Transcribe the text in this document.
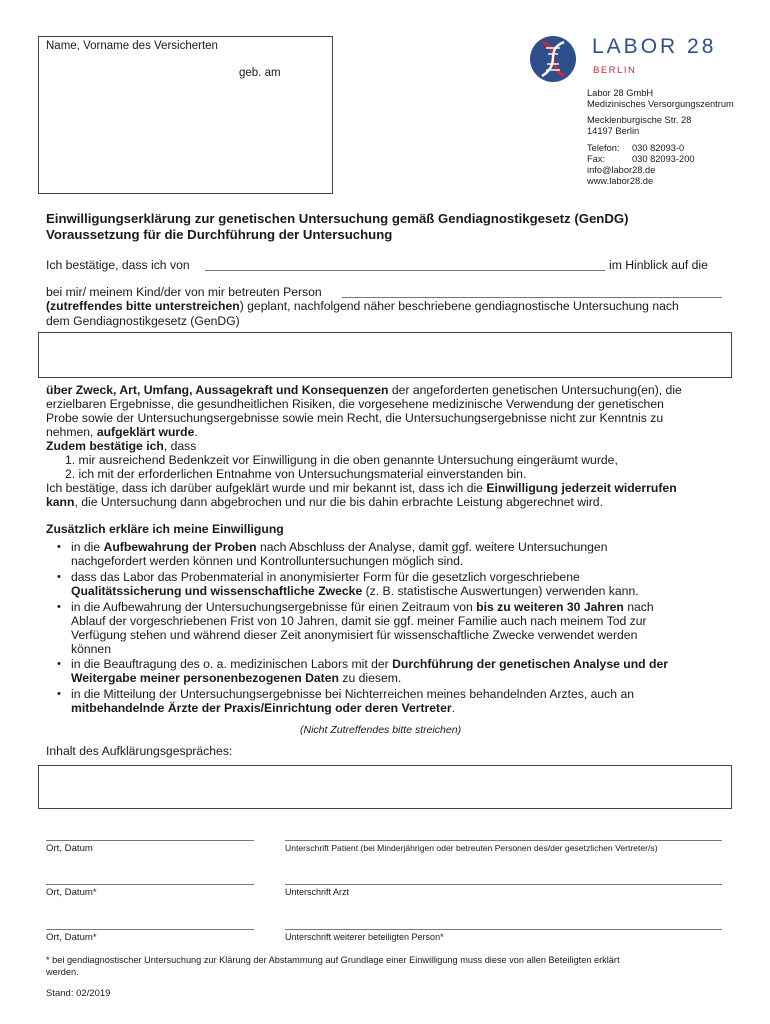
Name, Vorname des Versicherten
geb. am
LABOR 28
BERLIN
Labor 28 GmbH
Medizinisches Versorgungszentrum
Mecklenburgische Str. 28
14197 Berlin
Telefon: 030 82093-0
Fax:	030 82093-200
info@labor28.de
www.labor28.de
Einwilligungserklärung zur genetischen Untersuchung gemäß Gendiagnostikgesetz (GenDG)
Voraussetzung für die Durchführung der Untersuchung
Ich bestätige, dass ich von	im Hinblick auf die
bei mir/ meinem Kind/der von mir betreuten Person
(zutreffendes bitte unterstreichen) geplant, nachfolgend näher beschriebene gendiagnostische Untersuchung nach
dem Gendiagnostikgesetz (GenDG)
über Zweck, Art, Umfang, Aussagekraft und Konsequenzen der angeforderten genetischen Untersuchung(en), die
erzielbaren Ergebnisse, die gesundheitlichen Risiken, die vorgesehene medizinische Verwendung der genetischen
Probe sowie der Untersuchungsergebnisse sowie mein Recht, die Untersuchungsergebnisse nicht zur Kenntnis zu
nehmen, aufgeklärt wurde.
Zudem bestätige ich, dass
1. mir ausreichend Bedenkzeit vor Einwilligung in die oben genannte Untersuchung eingeräumt wurde,
2. ich mit der erforderlichen Entnahme von Untersuchungsmaterial einverstanden bin.
Ich bestätige, dass ich darüber aufgeklärt wurde und mir bekannt ist, dass ich die Einwilligung jederzeit widerrufen
kann, die Untersuchung dann abgebrochen und nur die bis dahin erbrachte Leistung abgerechnet wird.
Zusätzlich erkläre ich meine Einwilligung
• in die Aufbewahrung der Proben nach Abschluss der Analyse, damit ggf. weitere Untersuchungen
nachgefordert werden können und Kontrolluntersuchungen möglich sind.
• dass das Labor das Probenmaterial in anonymisierter Form für die gesetzlich vorgeschriebene
Qualitätssicherung und wissenschaftliche Zwecke (z. B. statistische Auswertungen) verwenden kann.
• in die Aufbewahrung der Untersuchungsergebnisse für einen Zeitraum von bis zu weiteren 30 Jahren nach
Ablauf der vorgeschriebenen Frist von 10 Jahren, damit sie ggf. meiner Familie auch nach meinem Tod zur
Verfügung stehen und während dieser Zeit anonymisiert für wissenschaftliche Zwecke verwendet werden
können
• in die Beauftragung des o. a. medizinischen Labors mit der Durchführung der genetischen Analyse und der
Weitergabe meiner personenbezogenen Daten zu diesem.
• in die Mitteilung der Untersuchungsergebnisse bei Nichterreichen meines behandelnden Arztes, auch an
mitbehandelnde Ärzte der Praxis/Einrichtung oder deren Vertreter.
(Nicht Zutreffendes bitte streichen)
Inhalt des Aufklärungsgespräches:
Ort, Datum	Unterschrift Patient (bei Minderjährigen oder betreuten Personen des/der gesetzlichen Vertreter/s)
Ort, Datum*	Unterschrift Arzt
Ort, Datum*	Unterschrift weiterer beteiligten Person*
* bei gendiagnostischer Untersuchung zur Klärung der Abstammung auf Grundlage einer Einwilligung muss diese von allen Beteiligten erklärt
werden.
Stand: 02/2019
